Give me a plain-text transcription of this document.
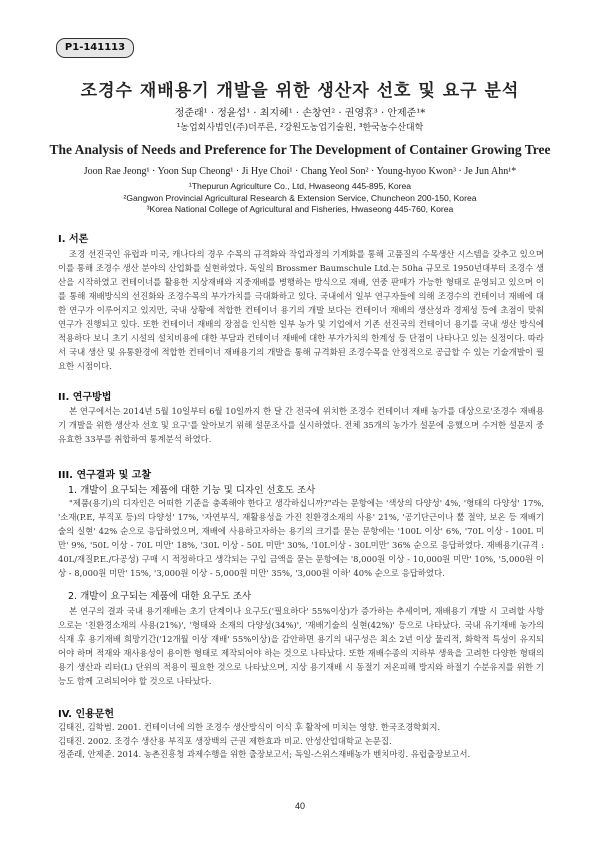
P1-141113
조경수 재배용기 개발을 위한 생산자 선호 및 요구 분석
정준래¹ · 정윤섭¹ · 최지혜¹ · 손창연² · 권영휴³ · 안제준¹*
¹농업회사법인(주)더푸른, ²강원도농업기술원, ³한국농수산대학
The Analysis of Needs and Preference for The Development of Container Growing Tree
Joon Rae Jeong¹ · Yoon Sup Cheong¹ · Ji Hye Choi¹ · Chang Yeol Son² · Young-hyoo Kwon³ · Je Jun Ahn¹*
¹Thepurun Agriculture Co., Ltd, Hwaseong 445-895, Korea
²Gangwon Provincial Agricultural Research & Extension Service, Chuncheon 200-150, Korea
³Korea National College of Agricultural and Fisheries, Hwaseong 445-760, Korea
I. 서론

조경 선진국인 유럽과 미국, 캐나다의 경우 수목의 규격화와 작업과정의 기계화를 통해 고품질의 수목생산 시스템을 갖추고 있으며 이를 통해 조경수 생산 분야의 산업화를 실현하였다. 독일의 Brossmer Baumschule Ltd.는 50ha 규모로 1950년대부터 조경수 생산을 시작하였고 컨테이너를 활용한 지상재배와 지중재배를 병행하는 방식으로 재배, 연중 판매가 가능한 형태로 운영되고 있으며 이를 통해 재배방식의 선진화와 조경수목의 부가가치를 극대화하고 있다. 국내에서 일부 연구자들에 의해 조경수의 컨테이너 재배에 대한 연구가 이루어지고 있지만, 국내 상황에 적합한 컨테이너 용기의 개발 보다는 컨테이너 재배의 생산성과 경제성 등에 초점이 맞춰 연구가 진행되고 있다. 또한 컨테이너 재배의 장점을 인식한 일부 농가 및 기업에서 기존 선진국의 컨테이너 용기를 국내 생산 방식에 적용하다 보니 초기 시설의 설치비용에 대한 부담과 컨테이너 재배에 대한 부가가치의 한계성 등 단점이 나타나고 있는 실정이다. 따라서 국내 생산 및 유통환경에 적합한 컨테이너 재배용기의 개발을 통해 규격화된 조경수목을 안정적으로 공급할 수 있는 기술개발이 필요한 시점이다.

II. 연구방법

본 연구에서는 2014년 5월 10일부터 6월 10일까지 한 달 간 전국에 위치한 조경수 컨테이너 재배 농가를 대상으로'조경수 재배용기 개발을 위한 생산자 선호 및 요구'를 알아보기 위해 설문조사를 실시하였다. 전체 35개의 농가가 설문에 응했으며 수거한 설문지 중 유효한 33부를 취합하여 통계분석 하였다.

III. 연구결과 및 고찰
1. 개발이 요구되는 제품에 대한 기능 및 디자인 선호도 조사

"제품(용기)의 디자인은 어떠한 기준을 충족해야 한다고 생각하십니까?"라는 문항에는 '색상의 다양성' 4%, '형태의 다양성' 17%, '소재(P.E, 부직포 등)의 다양성' 17%, '자연부식, 재활용성을 가진 친환경소재의 사용' 21%, '공기단근이나 뿔 절약, 보온 등 재배기술의 실현' 42% 순으로 응답하였으며, 재배에 사용하고자하는 용기의 크기를 묻는 문항에는 '100L 이상' 6%, '70L 이상 - 100L 미만' 9%, '50L 이상 - 70L 미만' 18%, '30L 이상 - 50L 미만' 30%, '10L이상 - 30L미만' 36% 순으로 응답하였다. 재배용기(규격 : 40L/재질P.E./다공성) 구매 시 적정하다고 생각되는 구입 금액을 묻는 문항에는 '8,000원 이상 - 10,000원 미만' 10%, '5,000원 이상 - 8,000원 미만' 15%, '3,000원 이상 - 5,000원 미만' 35%, '3,000원 이하' 40% 순으로 응답하였다.

2. 개발이 요구되는 제품에 대한 요구도 조사

본 연구의 결과 국내 용기재배는 초기 단계이나 요구도('필요하다' 55%이상)가 증가하는 추세이며, 재배용기 개발 시 고려할 사항으로는 '친환경소재의 사용(21%)', '형태와 소재의 다양성(34%)', '재배기술의 실현(42%)' 등으로 나타났다. 국내 유기재배 농가의 식재 후 용기재배 희망기간('12개월 이상 재배' 55%이상)을 감안하면 용기의 내구성은 최소 2년 이상 물리적, 화학적 특성이 유지되어야 하며 적재와 재사용성이 용이한 형태로 제작되어야 하는 것으로 나타났다. 또한 재배수종의 지하부 생육을 고려한 다양한 형태의 용기 생산과 리터(L) 단위의 적용이 필요한 것으로 나타났으며, 지상 용기재배 시 동절기 저온피해 방지와 하절기 수분유지를 위한 기능도 함께 고려되어야 할 것으로 나타났다.

IV. 인용문헌
김태진, 김학범. 2001. 컨테이너에 의한 조경수 생산방식이 이식 후 활착에 미치는 영향. 한국조경학회지.
김태진. 2002. 조경수 생산용 부직포 생장백의 근권 제한효과 비교. 안성산업대학교 논문집.
정준래, 안제준. 2014. 농촌진흥청 과제수행을 위한 출장보고서; 독일-스위스재배농가 벤치마킹. 유럽출장보고서.
40
